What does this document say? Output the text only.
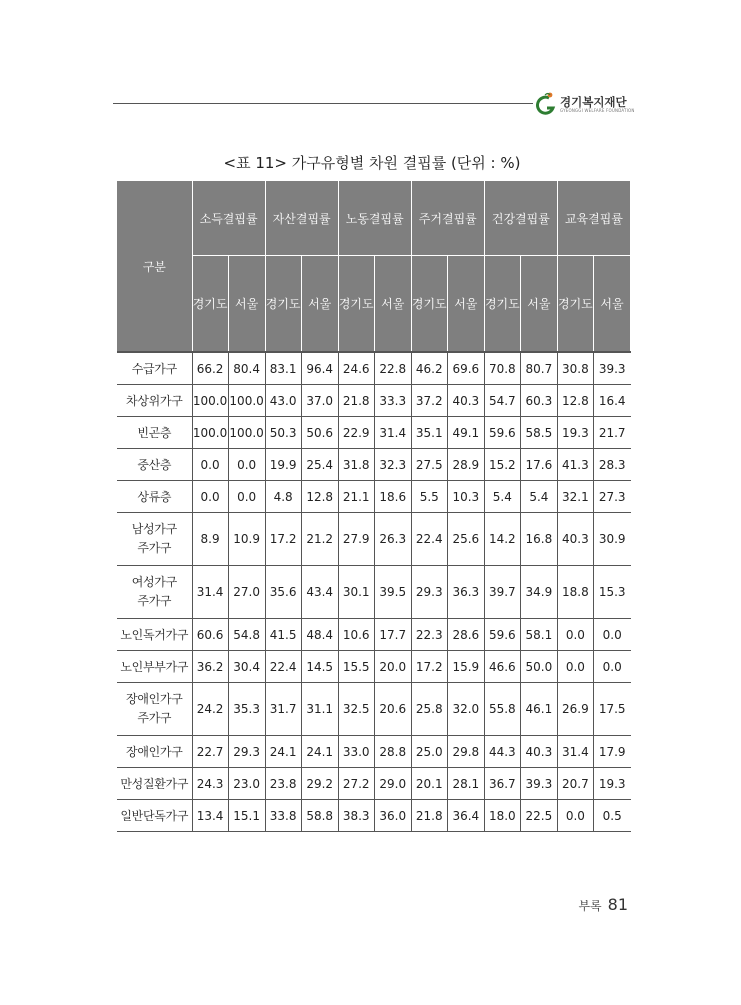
경기복지재단
GYEONGGI WELFARE FOUNDATION
<표 11> 가구유형별 차원 결핍률 (단위 : %)
구분	소득결핍률		자산결핍률		노동결핍률		주거결핍률		건강결핍률		교육결핍률	
	경기도	서울	경기도	서울	경기도	서울	경기도	서울	경기도	서울	경기도	서울
수급가구	66.2	80.4	83.1	96.4	24.6	22.8	46.2	69.6	70.8	80.7	30.8	39.3
차상위가구	100.0	100.0	43.0	37.0	21.8	33.3	37.2	40.3	54.7	60.3	12.8	16.4
빈곤층	100.0	100.0	50.3	50.6	22.9	31.4	35.1	49.1	59.6	58.5	19.3	21.7
중산층	0.0	0.0	19.9	25.4	31.8	32.3	27.5	28.9	15.2	17.6	41.3	28.3
상류층	0.0	0.0	4.8	12.8	21.1	18.6	5.5	10.3	5.4	5.4	32.1	27.3
남성가구
주가구	8.9	10.9	17.2	21.2	27.9	26.3	22.4	25.6	14.2	16.8	40.3	30.9
여성가구
주가구	31.4	27.0	35.6	43.4	30.1	39.5	29.3	36.3	39.7	34.9	18.8	15.3
노인독거가구	60.6	54.8	41.5	48.4	10.6	17.7	22.3	28.6	59.6	58.1	0.0	0.0
노인부부가구	36.2	30.4	22.4	14.5	15.5	20.0	17.2	15.9	46.6	50.0	0.0	0.0
장애인가구
주가구	24.2	35.3	31.7	31.1	32.5	20.6	25.8	32.0	55.8	46.1	26.9	17.5
장애인가구	22.7	29.3	24.1	24.1	33.0	28.8	25.0	29.8	44.3	40.3	31.4	17.9
만성질환가구	24.3	23.0	23.8	29.2	27.2	29.0	20.1	28.1	36.7	39.3	20.7	19.3
일반단독가구	13.4	15.1	33.8	58.8	38.3	36.0	21.8	36.4	18.0	22.5	0.0	0.5
부록 81
